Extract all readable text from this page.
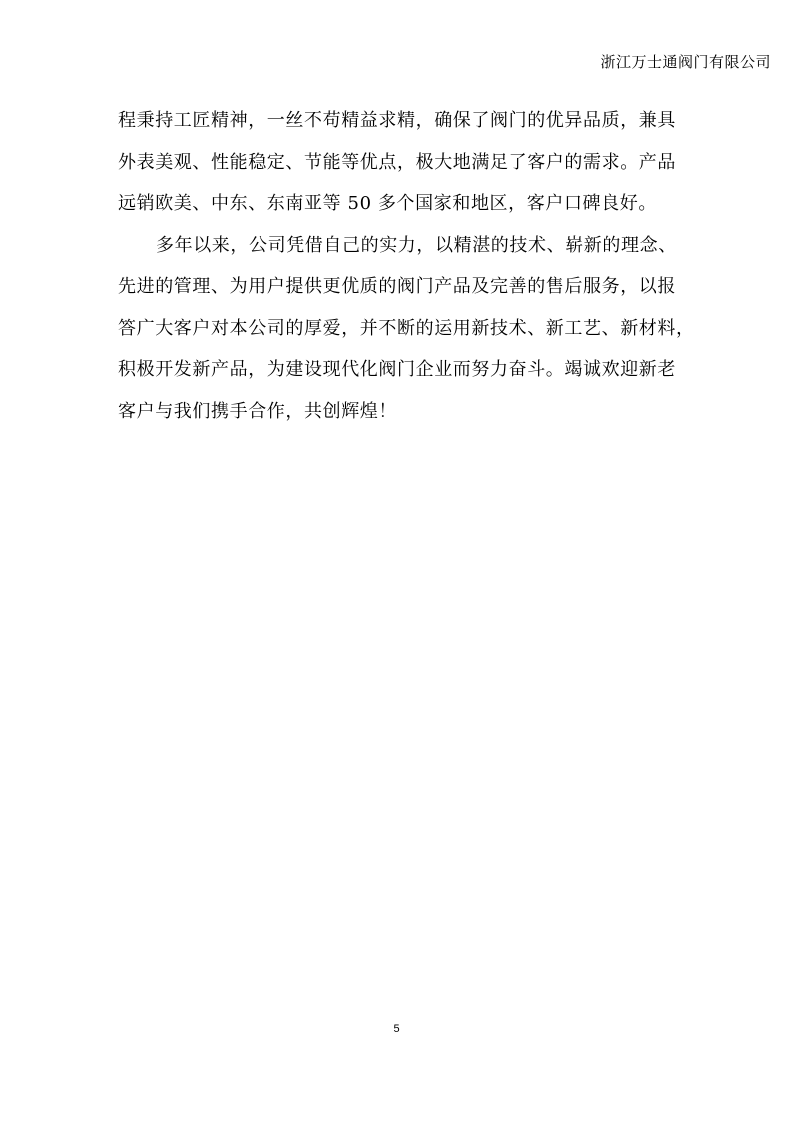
浙江万士通阀门有限公司
程秉持工匠精神，一丝不苟精益求精，确保了阀门的优异品质，兼具
外表美观、性能稳定、节能等优点，极大地满足了客户的需求。产品
远销欧美、中东、东南亚等 50 多个国家和地区，客户口碑良好。
多年以来，公司凭借自己的实力，以精湛的技术、崭新的理念、
先进的管理、为用户提供更优质的阀门产品及完善的售后服务，以报
答广大客户对本公司的厚爱，并不断的运用新技术、新工艺、新材料，
积极开发新产品，为建设现代化阀门企业而努力奋斗。竭诚欢迎新老
客户与我们携手合作，共创辉煌！
5
